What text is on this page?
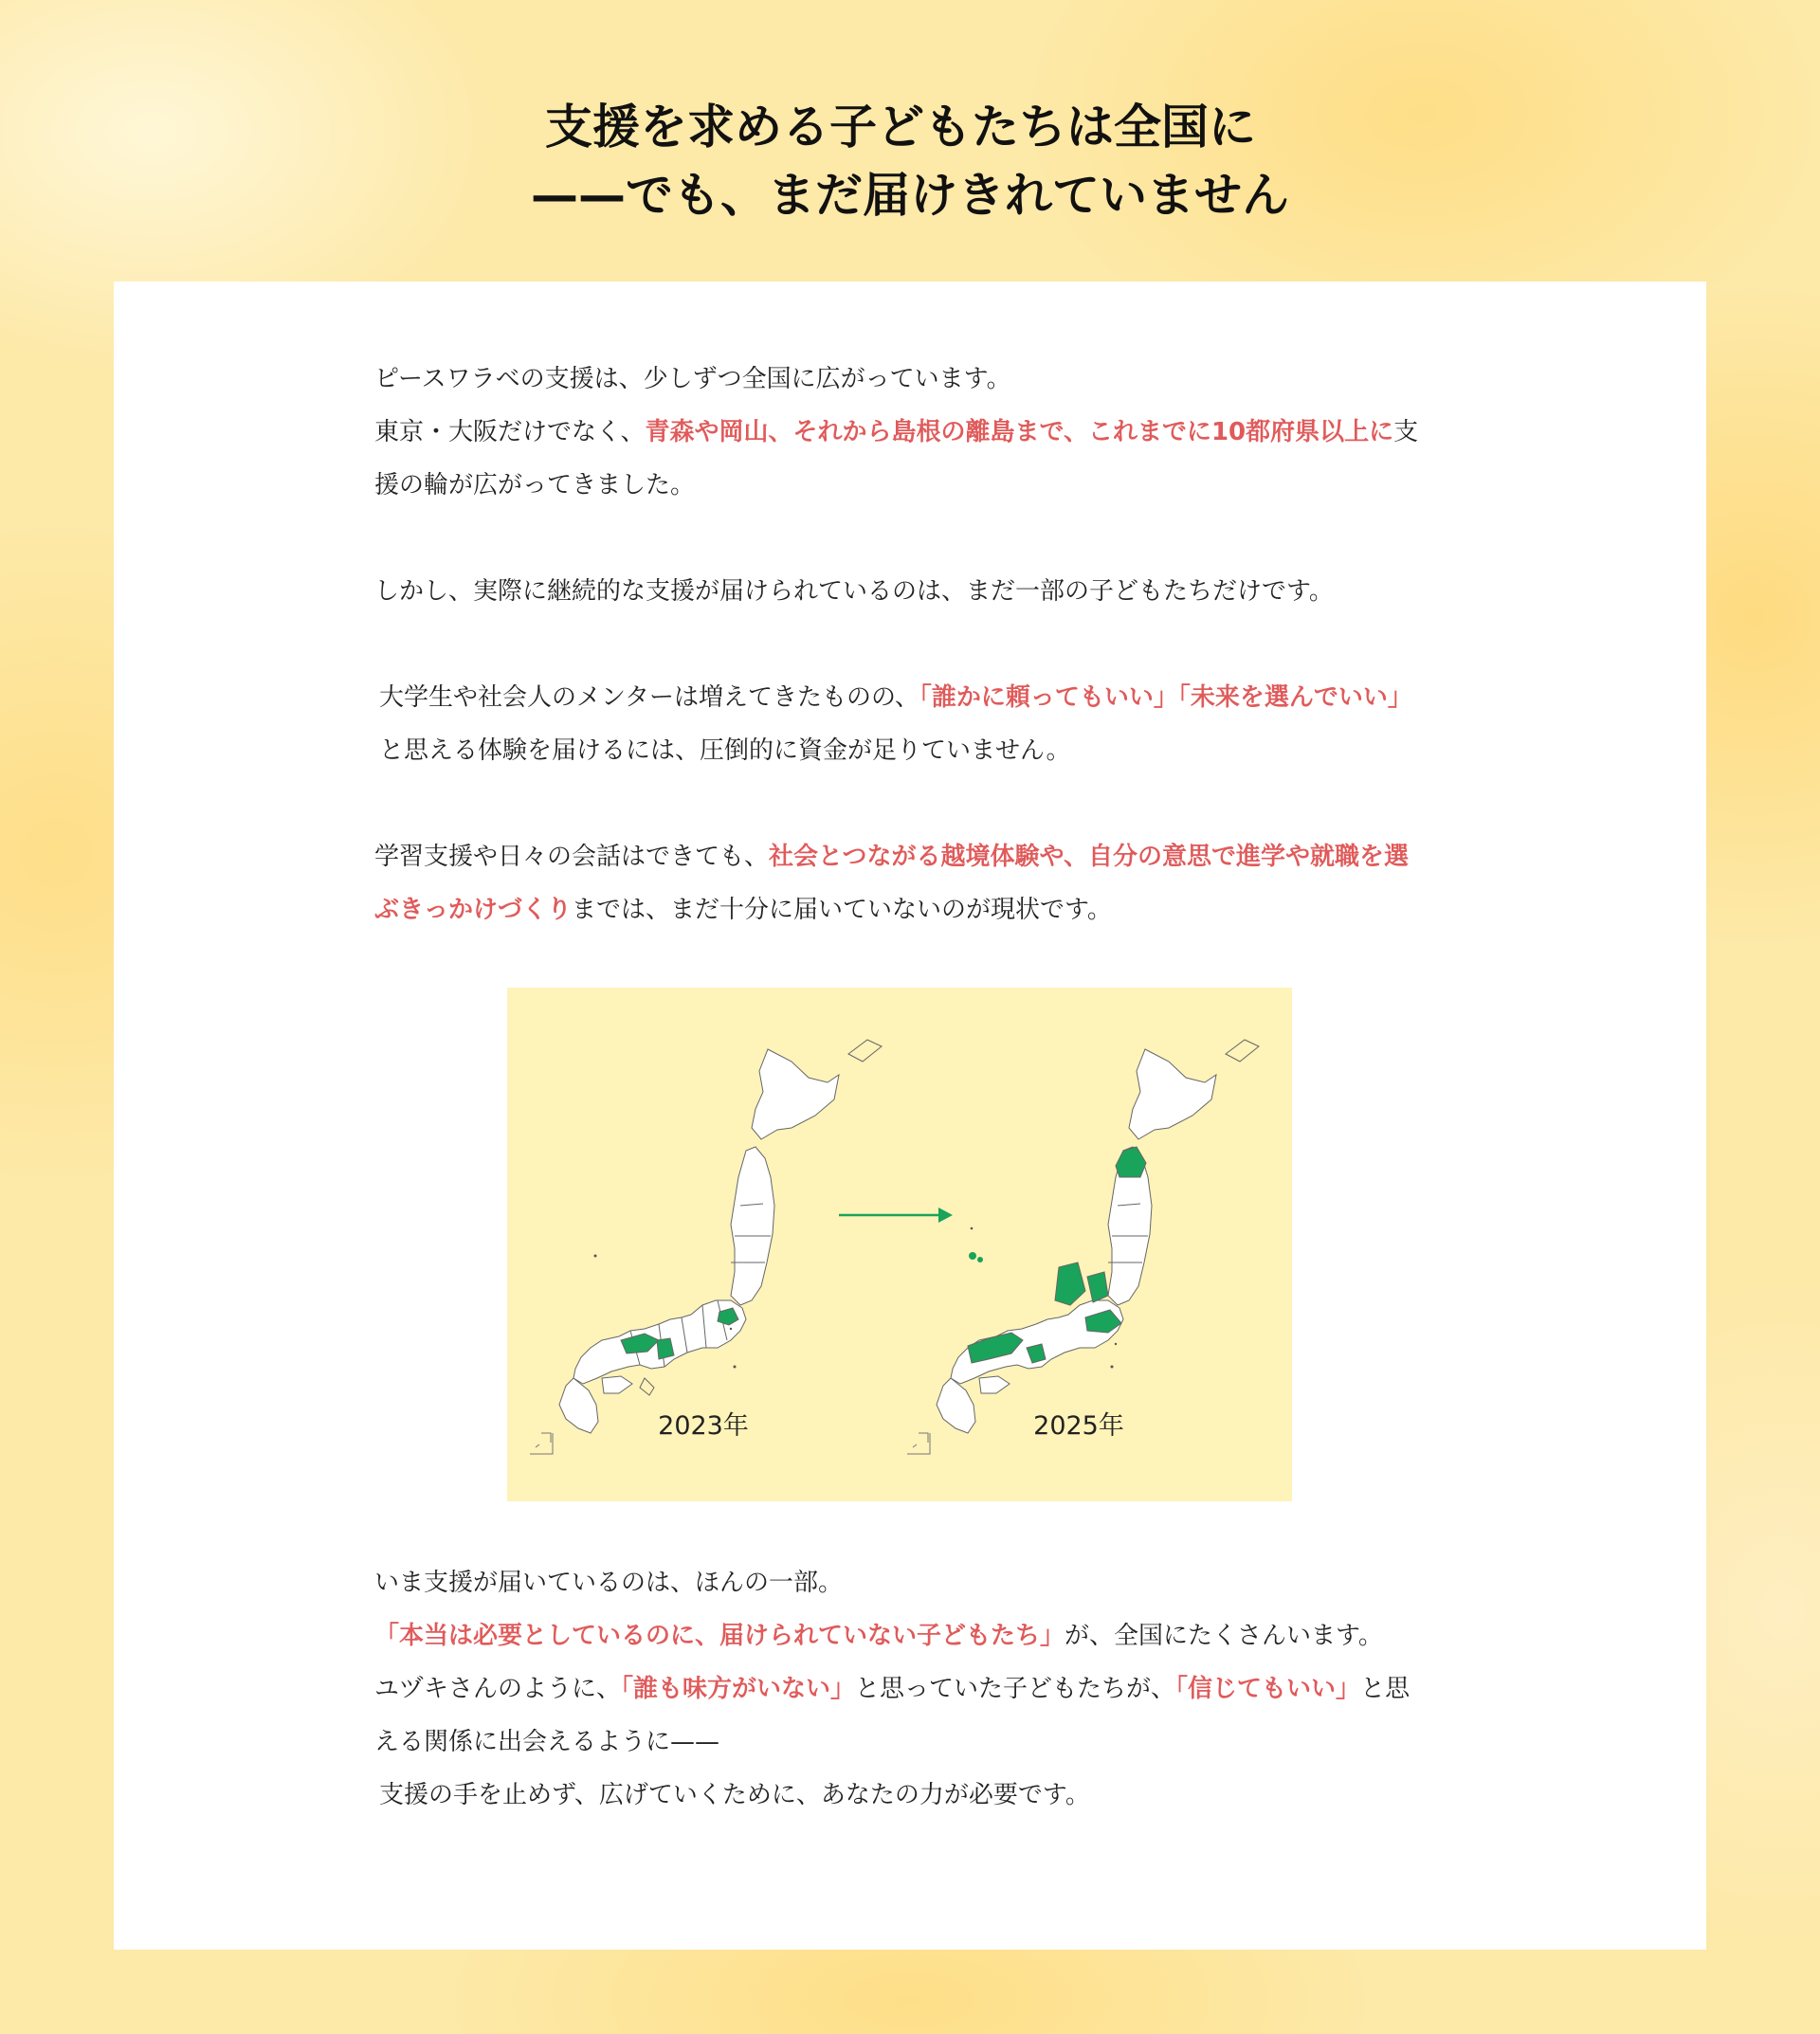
支援を求める子どもたちは全国に
——でも、まだ届けきれていません

ピースワラベの支援は、少しずつ全国に広がっています。

東京・大阪だけでなく、青森や岡山、それから島根の離島まで、これまでに10都府県以上に支援の輪が広がってきました。

しかし、実際に継続的な支援が届けられているのは、まだ一部の子どもたちだけです。

大学生や社会人のメンターは増えてきたものの、「誰かに頼ってもいい」「未来を選んでいい」と思える体験を届けるには、圧倒的に資金が足りていません。

学習支援や日々の会話はできても、社会とつながる越境体験や、自分の意思で進学や就職を選ぶきっかけづくりまでは、まだ十分に届いていないのが現状です。

2023年	2025年

いま支援が届いているのは、ほんの一部。

「本当は必要としているのに、届けられていない子どもたち」が、全国にたくさんいます。

ユヅキさんのように、「誰も味方がいない」と思っていた子どもたちが、「信じてもいい」と思える関係に出会えるように——

支援の手を止めず、広げていくために、あなたの力が必要です。
